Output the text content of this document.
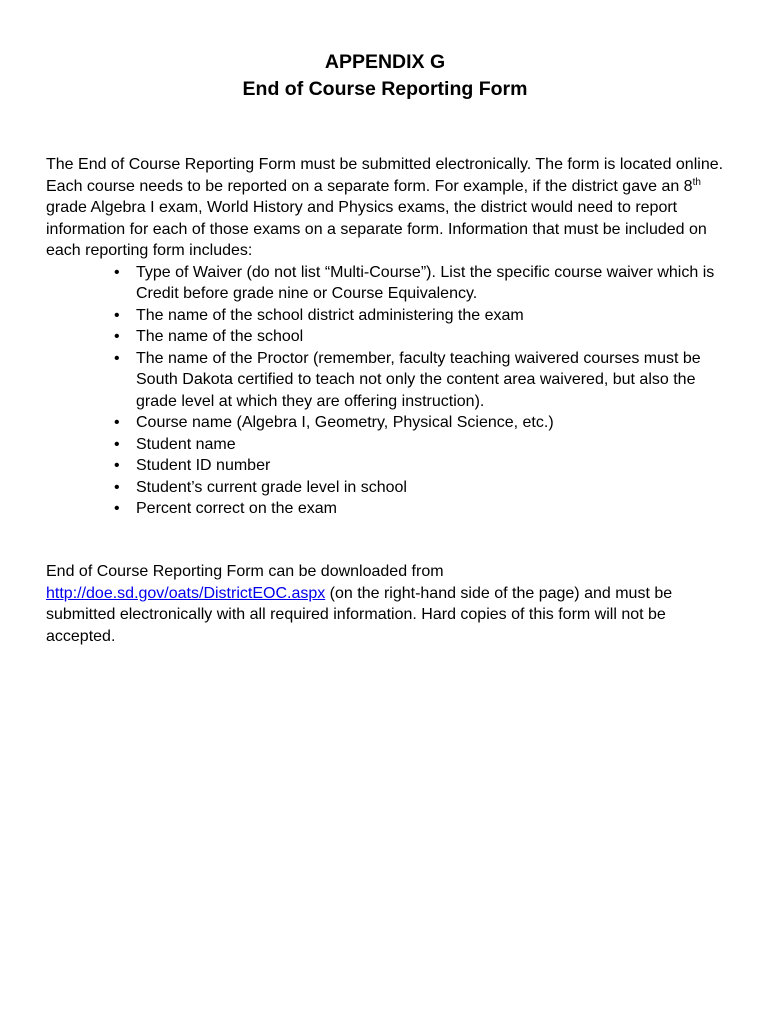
APPENDIX G
End of Course Reporting Form

The End of Course Reporting Form must be submitted electronically. The form is located online. Each course needs to be reported on a separate form. For example, if the district gave an 8th grade Algebra I exam, World History and Physics exams, the district would need to report information for each of those exams on a separate form. Information that must be included on each reporting form includes:

• Type of Waiver (do not list “Multi-Course”). List the specific course waiver which is Credit before grade nine or Course Equivalency.
• The name of the school district administering the exam
• The name of the school
• The name of the Proctor (remember, faculty teaching waivered courses must be South Dakota certified to teach not only the content area waivered, but also the grade level at which they are offering instruction).
• Course name (Algebra I, Geometry, Physical Science, etc.)
• Student name
• Student ID number
• Student’s current grade level in school
• Percent correct on the exam

End of Course Reporting Form can be downloaded from
http://doe.sd.gov/oats/DistrictEOC.aspx (on the right-hand side of the page) and must be submitted electronically with all required information. Hard copies of this form will not be accepted.
